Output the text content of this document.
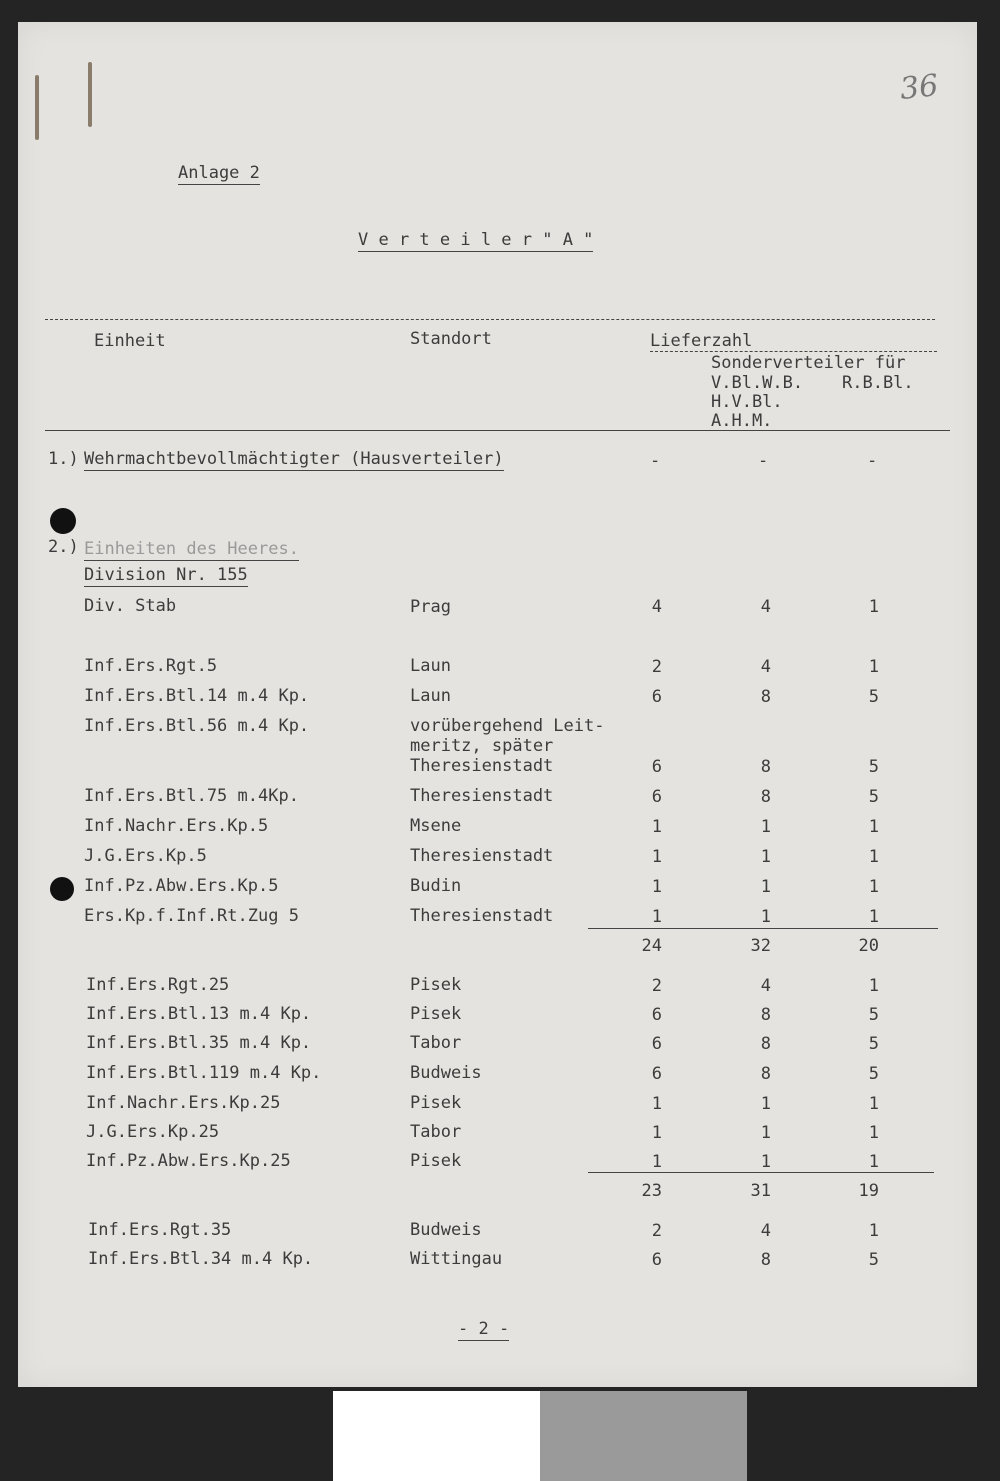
36
Anlage 2
V e r t e i l e r " A "
Einheit	Standort	Lieferzahl
Sonderverteiler für
V.Bl.W.B. R.B.Bl.
H.V.Bl.
A.H.M.
1.) Wehrmachtbevollmächtigter (Hausverteiler)	-	-	-
2.) Einheiten des Heeres.
Division Nr. 155
Div. Stab	Prag	4	4	1
Inf.Ers.Rgt.5	Laun	2	4	1
Inf.Ers.Btl.14 m.4 Kp.	Laun	6	8	5
Inf.Ers.Btl.56 m.4 Kp.	vorübergehend Leit-
meritz, später
Theresienstadt	6	8	5
Inf.Ers.Btl.75 m.4Kp.	Theresienstadt	6	8	5
Inf.Nachr.Ers.Kp.5	Msene	1	1	1
J.G.Ers.Kp.5	Theresienstadt	1	1	1
Inf.Pz.Abw.Ers.Kp.5	Budin	1	1	1
Ers.Kp.f.Inf.Rt.Zug 5	Theresienstadt	1	1	1
24	32	20
Inf.Ers.Rgt.25	Pisek	2	4	1
Inf.Ers.Btl.13 m.4 Kp.	Pisek	6	8	5
Inf.Ers.Btl.35 m.4 Kp.	Tabor	6	8	5
Inf.Ers.Btl.119 m.4 Kp.	Budweis	6	8	5
Inf.Nachr.Ers.Kp.25	Pisek	1	1	1
J.G.Ers.Kp.25	Tabor	1	1	1
Inf.Pz.Abw.Ers.Kp.25	Pisek	1	1	1
23	31	19
Inf.Ers.Rgt.35	Budweis	2	4	1
Inf.Ers.Btl.34 m.4 Kp.	Wittingau	6	8	5
- 2 -
